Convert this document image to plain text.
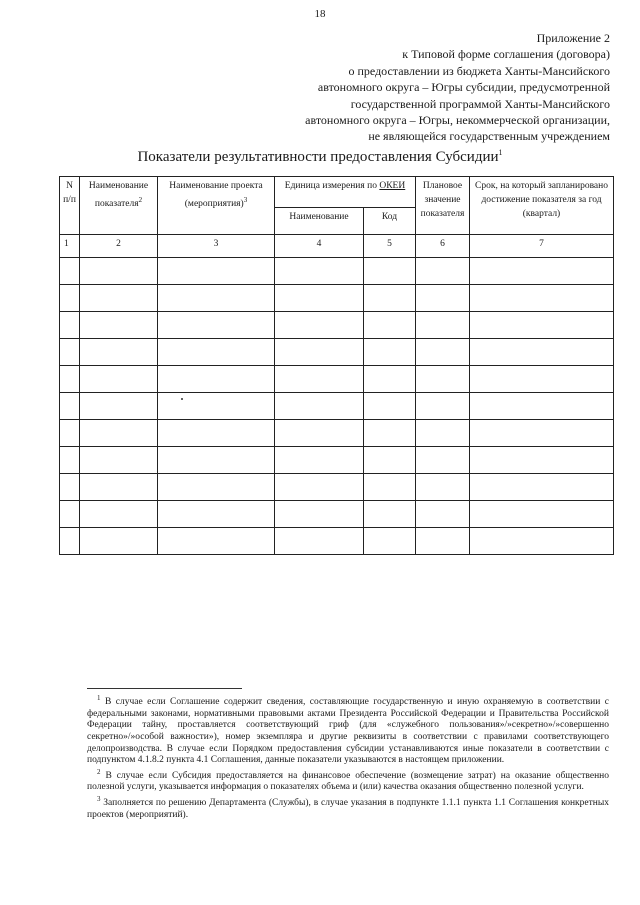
18
Приложение 2
к Типовой форме соглашения (договора)
о предоставлении из бюджета Ханты-Мансийского
автономного округа – Югры субсидии, предусмотренной
государственной программой Ханты-Мансийского
автономного округа – Югры, некоммерческой организации,
не являющейся государственным учреждением
Показатели результативности предоставления Субсидии$^1$
N п/п	Наименование показателя$^2$	Наименование проекта (мероприятия)$^3$	Единица измерения по ОКЕИ		Плановое значение показателя	Срок, на который запланировано достижение показателя за год (квартал)
			Наименование	Код		
1	2	3	4	5	6	7

$^1$ В случае если Соглашение содержит сведения, составляющие государственную и иную охраняемую в соответствии с федеральными законами, нормативными правовыми актами Президента Российской Федерации и Правительства Российской Федерации тайну, проставляется соответствующий гриф (для «служебного пользования»/»секретно»/»совершенно секретно»/»особой важности»), номер экземпляра и другие реквизиты в соответствии с правилами соответствующего делопроизводства. В случае если Порядком предоставления субсидии устанавливаются иные показатели в соответствии с подпунктом 4.1.8.2 пункта 4.1 Соглашения, данные показатели указываются в настоящем приложении.

$^2$ В случае если Субсидия предоставляется на финансовое обеспечение (возмещение затрат) на оказание общественно полезной услуги, указывается информация о показателях объема и (или) качества оказания общественно полезной услуги.

$^3$ Заполняется по решению Департамента (Службы), в случае указания в подпункте 1.1.1 пункта 1.1 Соглашения конкретных проектов (мероприятий).
